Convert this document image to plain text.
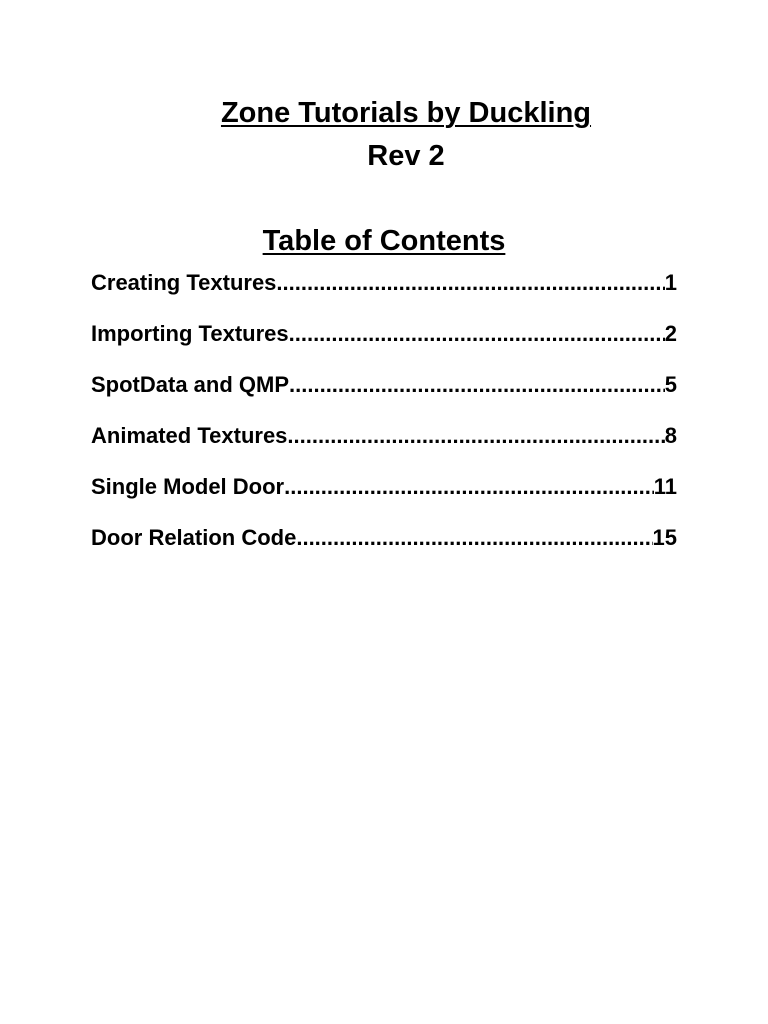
Zone Tutorials by Duckling
Rev 2
Table of Contents
Creating Textures .....	1
Importing Textures .....	2
SpotData and QMP .....	5
Animated Textures .....	8
Single Model Door .....	11
Door Relation Code .....	15
